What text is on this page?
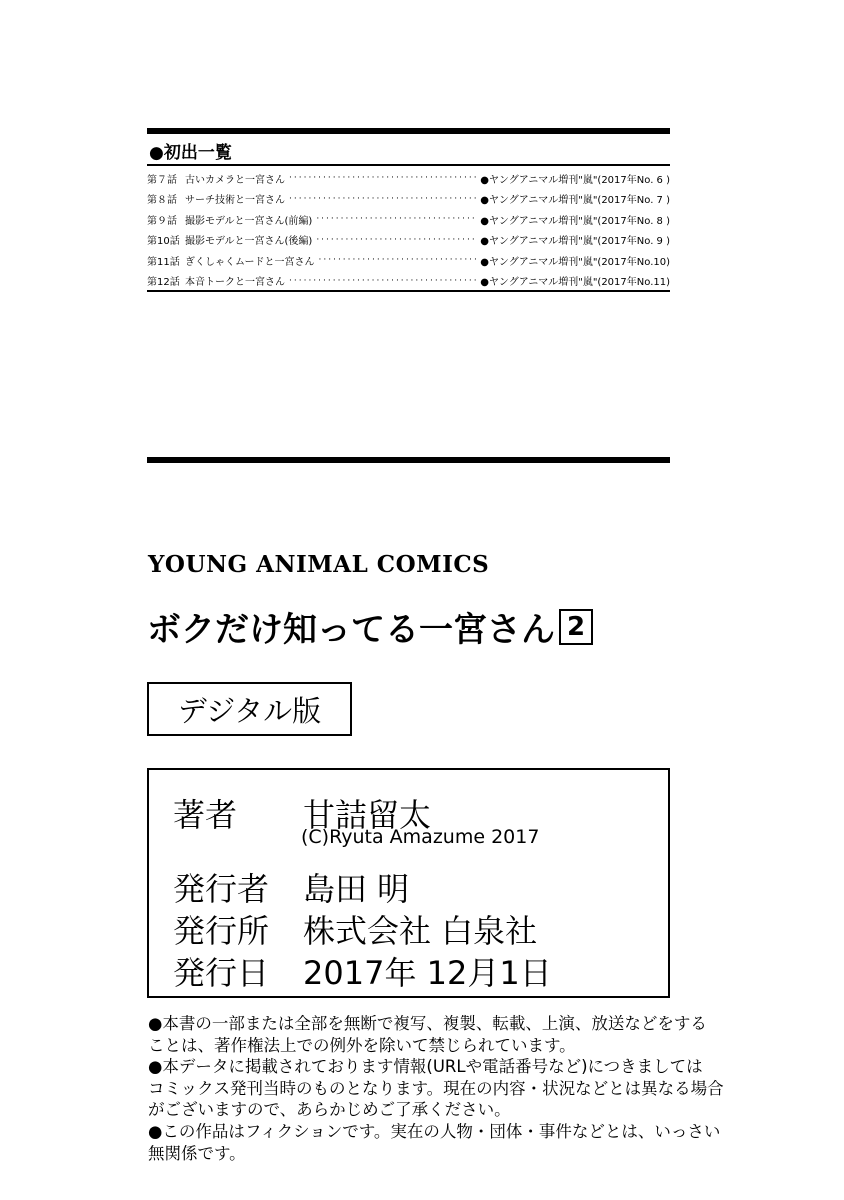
●初出一覧
第７話 古いカメラと一宮さん ·····	●ヤングアニマル増刊"嵐"(2017年No. 6 )
第８話 サーチ技術と一宮さん ·····	●ヤングアニマル増刊"嵐"(2017年No. 7 )
第９話 撮影モデルと一宮さん(前編) ·····	●ヤングアニマル増刊"嵐"(2017年No. 8 )
第10話 撮影モデルと一宮さん(後編) ·····	●ヤングアニマル増刊"嵐"(2017年No. 9 )
第11話 ぎくしゃくムードと一宮さん ·····	●ヤングアニマル増刊"嵐"(2017年No.10)
第12話 本音トークと一宮さん ·····	●ヤングアニマル増刊"嵐"(2017年No.11)
YOUNG ANIMAL COMICS
ボクだけ知ってる一宮さん 2
デジタル版
著者 甘詰留太
(C)Ryuta Amazume 2017
発行者 島田 明
発行所 株式会社 白泉社
発行日 2017年 12月1日
●本書の一部または全部を無断で複写、複製、転載、上演、放送などをする
ことは、著作権法上での例外を除いて禁じられています。
●本データに掲載されております情報(URLや電話番号など)につきましては
コミックス発刊当時のものとなります。現在の内容・状況などとは異なる場合
がございますので、あらかじめご了承ください。
●この作品はフィクションです。実在の人物・団体・事件などとは、いっさい
無関係です。
